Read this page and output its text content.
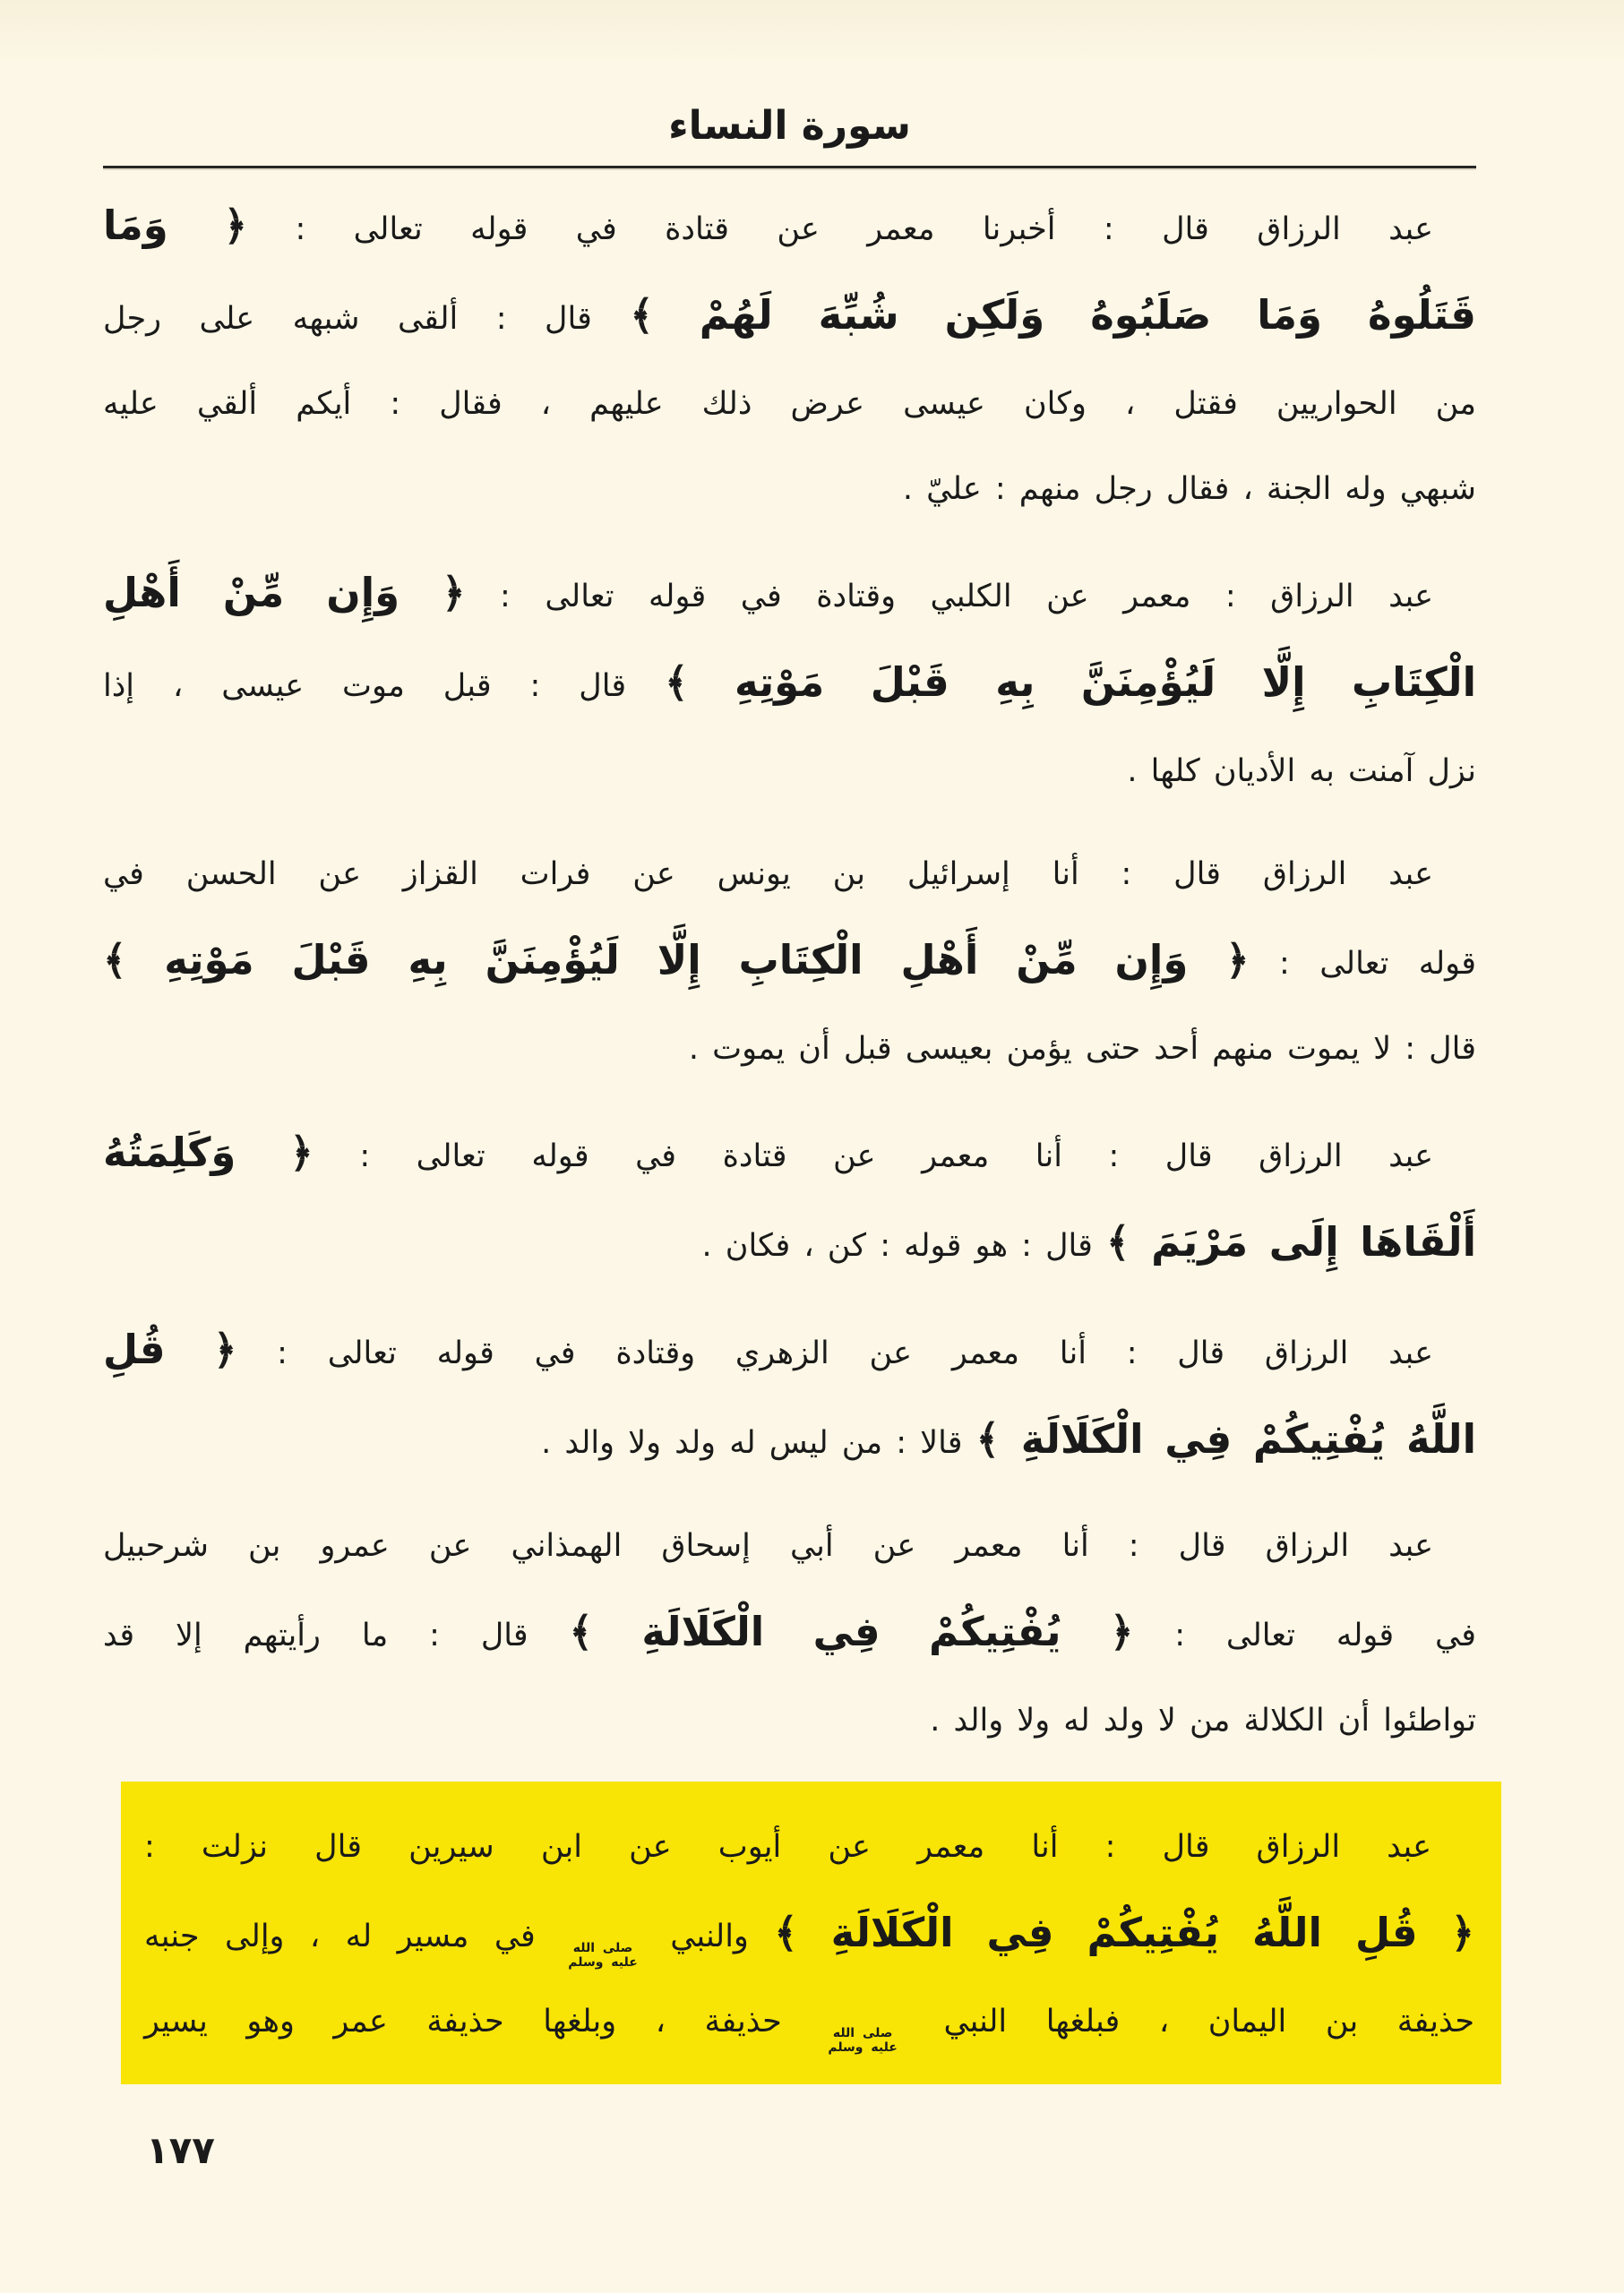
سورة النساء
عبد الرزاق قال : أخبرنا معمر عن قتادة في قوله تعالى : ﴿ وَمَا
قَتَلُوهُ وَمَا صَلَبُوهُ وَلَكِن شُبِّهَ لَهُمْ ﴾ قال : ألقى شبهه على رجل
من الحواريين فقتل ، وكان عيسى عرض ذلك عليهم ، فقال : أيكم ألقي عليه
شبهي وله الجنة ، فقال رجل منهم : عليّ .
عبد الرزاق : معمر عن الكلبي وقتادة في قوله تعالى : ﴿ وَإِن مِّنْ أَهْلِ
الْكِتَابِ إِلَّا لَيُؤْمِنَنَّ بِهِ قَبْلَ مَوْتِهِ ﴾ قال : قبل موت عيسى ، إذا
نزل آمنت به الأديان كلها .
عبد الرزاق قال : أنا إسرائيل بن يونس عن فرات القزاز عن الحسن في
قوله تعالى : ﴿ وَإِن مِّنْ أَهْلِ الْكِتَابِ إِلَّا لَيُؤْمِنَنَّ بِهِ قَبْلَ مَوْتِهِ ﴾
قال : لا يموت منهم أحد حتى يؤمن بعيسى قبل أن يموت .
عبد الرزاق قال : أنا معمر عن قتادة في قوله تعالى : ﴿ وَكَلِمَتُهُ
أَلْقَاهَا إِلَى مَرْيَمَ ﴾ قال : هو قوله : كن ، فكان .
عبد الرزاق قال : أنا معمر عن الزهري وقتادة في قوله تعالى : ﴿ قُلِ
اللَّهُ يُفْتِيكُمْ فِي الْكَلَالَةِ ﴾ قالا : من ليس له ولد ولا والد .
عبد الرزاق قال : أنا معمر عن أبي إسحاق الهمذاني عن عمرو بن شرحبيل
في قوله تعالى : ﴿ يُفْتِيكُمْ فِي الْكَلَالَةِ ﴾ قال : ما رأيتهم إلا قد
تواطئوا أن الكلالة من لا ولد له ولا والد .
عبد الرزاق قال : أنا معمر عن أيوب عن ابن سيرين قال نزلت :
﴿ قُلِ اللَّهُ يُفْتِيكُمْ فِي الْكَلَالَةِ ﴾ والنبي
صلى الله
عليه وسلم
في مسير له ، وإلى جنبه
حذيفة بن اليمان ، فبلغها النبي
صلى الله
عليه وسلم
حذيفة ، وبلغها حذيفة عمر وهو يسير
١٧٧
